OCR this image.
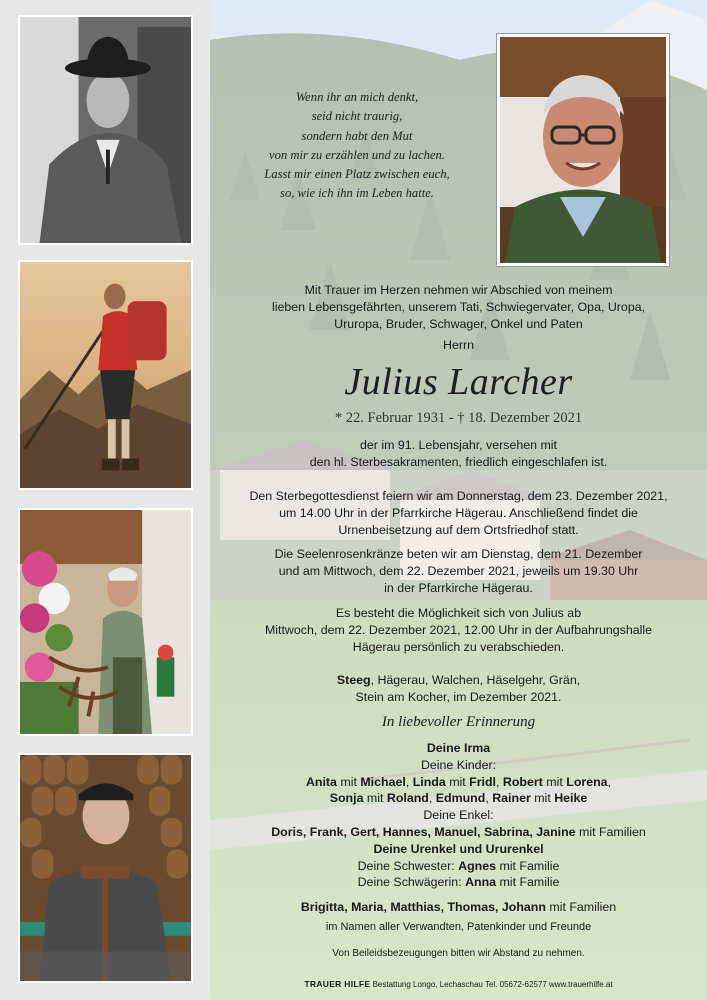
Wenn ihr an mich denkt,
seid nicht traurig,
sondern habt den Mut
von mir zu erzählen und zu lachen.
Lasst mir einen Platz zwischen euch,
so, wie ich ihn im Leben hatte.
Mit Trauer im Herzen nehmen wir Abschied von meinem
lieben Lebensgefährten, unserem Tati, Schwiegervater, Opa, Uropa,
Ururopa, Bruder, Schwager, Onkel und Paten
Herrn
Julius Larcher
* 22. Februar 1931 - † 18. Dezember 2021
der im 91. Lebensjahr, versehen mit
den hl. Sterbesakramenten, friedlich eingeschlafen ist.
Den Sterbegottesdienst feiern wir am Donnerstag, dem 23. Dezember 2021,
um 14.00 Uhr in der Pfarrkirche Hägerau. Anschließend findet die
Urnenbeisetzung auf dem Ortsfriedhof statt.
Die Seelenrosenkränze beten wir am Dienstag, dem 21. Dezember
und am Mittwoch, dem 22. Dezember 2021, jeweils um 19.30 Uhr
in der Pfarrkirche Hägerau.
Es besteht die Möglichkeit sich von Julius ab
Mittwoch, dem 22. Dezember 2021, 12.00 Uhr in der Aufbahrungshalle
Hägerau persönlich zu verabschieden.
Steeg, Hägerau, Walchen, Häselgehr, Grän,
Stein am Kocher, im Dezember 2021.
In liebevoller Erinnerung
Deine Irma
Deine Kinder:
Anita mit Michael, Linda mit Fridl, Robert mit Lorena,
Sonja mit Roland, Edmund, Rainer mit Heike
Deine Enkel:
Doris, Frank, Gert, Hannes, Manuel, Sabrina, Janine mit Familien
Deine Urenkel und Ururenkel
Deine Schwester: Agnes mit Familie
Deine Schwägerin: Anna mit Familie
Brigitta, Maria, Matthias, Thomas, Johann mit Familien
im Namen aller Verwandten, Patenkinder und Freunde
Von Beileidsbezeugungen bitten wir Abstand zu nehmen.
TRAUER HILFE Bestattung Longo, Lechaschau Tel. 05672-62577 www.trauerhilfe.at
